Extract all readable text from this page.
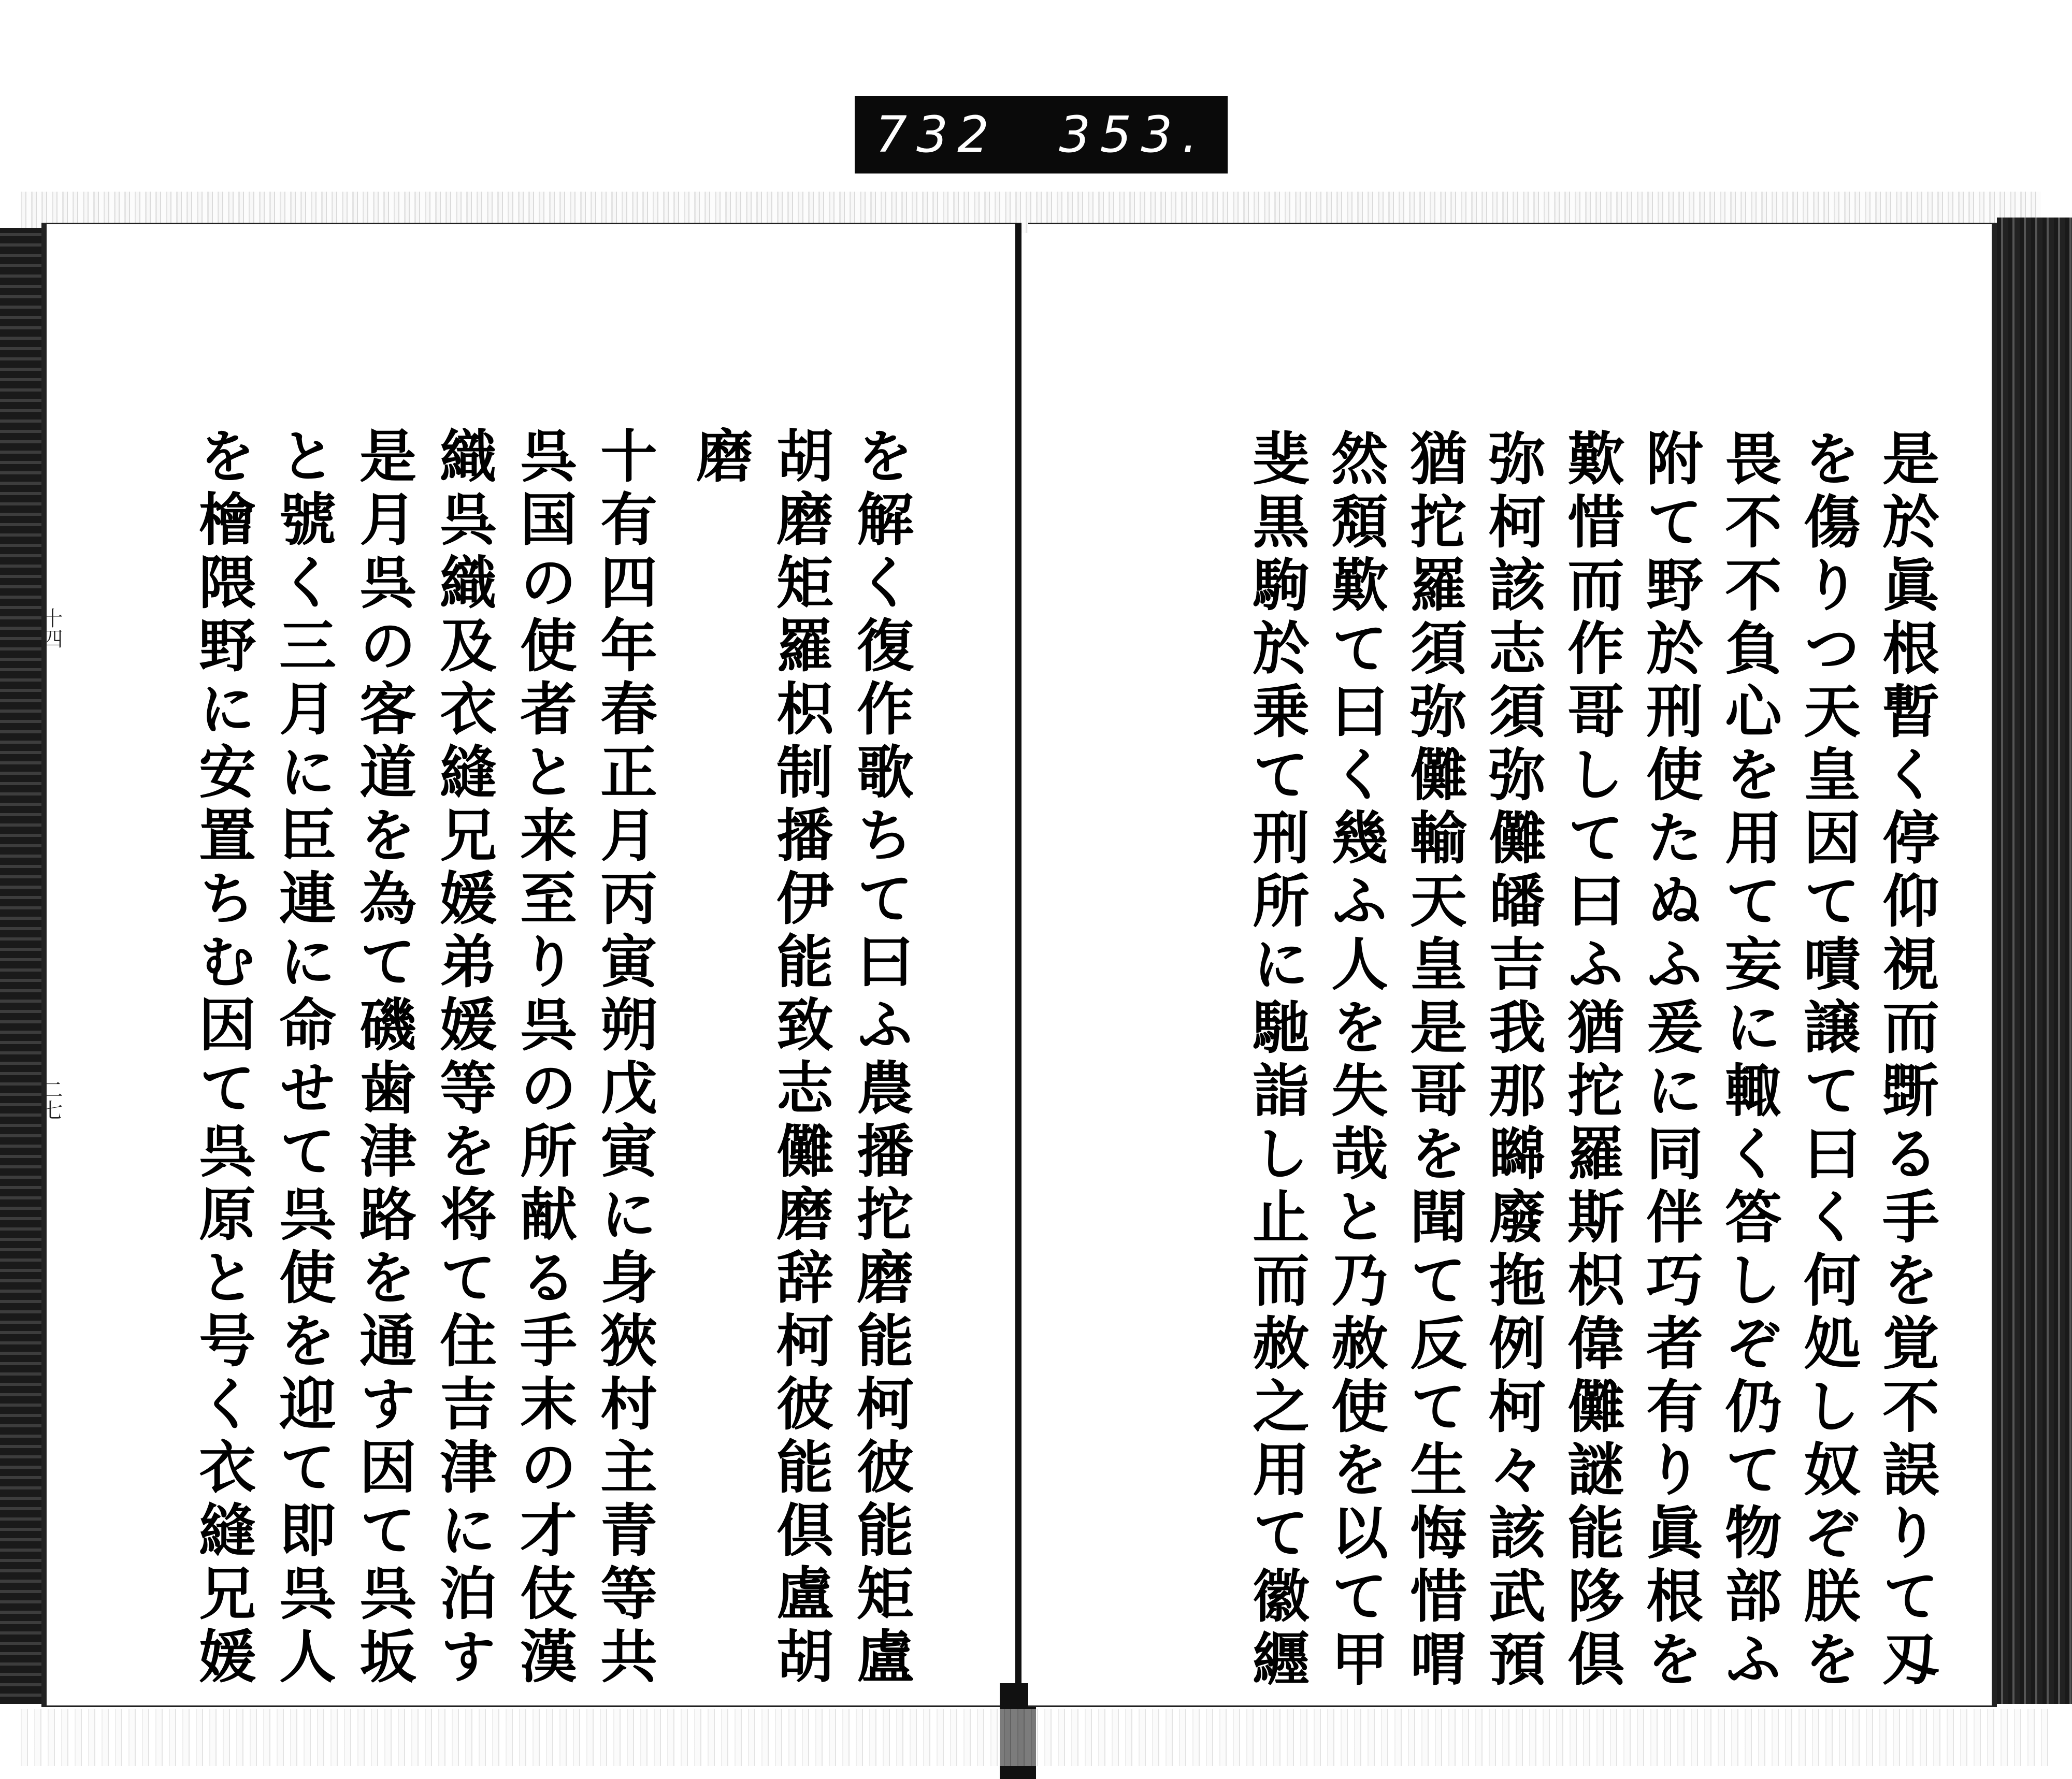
732 353.
を解く復作歌ちて曰ふ農播拕磨能柯彼能矩盧
胡磨矩羅枳制播伊能致志儺磨辞柯彼能倶盧胡
磨
十有四年春正月丙寅朔戊寅に身狹村主青等共
呉国の使者と来至り呉の所献る手末の才伎漢
織呉織及衣縫兄媛弟媛等を将て住吉津に泊す
是月呉の客道を為て磯歯津路を通す因て呉坂
と號く三月に臣連に命せて呉使を迎て即呉人
を檜隈野に安置ちむ因て呉原と号く衣縫兄媛
十四
二七	是於眞根暫く停仰視而斲る手を覚不誤りて刄
を傷りつ天皇因て嘖譲て曰く何処し奴ぞ朕を
畏不不負心を用て妄に輙く答しぞ仍て物部ふ
附て野於刑使たぬふ爰に同伴巧者有り眞根を
歎惜而作哥して曰ふ猶拕羅斯枳偉儺謎能陊倶
弥柯該志須弥儺皤吉我那矊廢拖例柯々該武預
猶拕羅須弥儺輸天皇是哥を聞て反て生悔惜喟
然頽歎て曰く幾ふ人を失哉と乃赦使を以て甲
斐黒駒於乗て刑所に馳詣し止而赦之用て徽纒
